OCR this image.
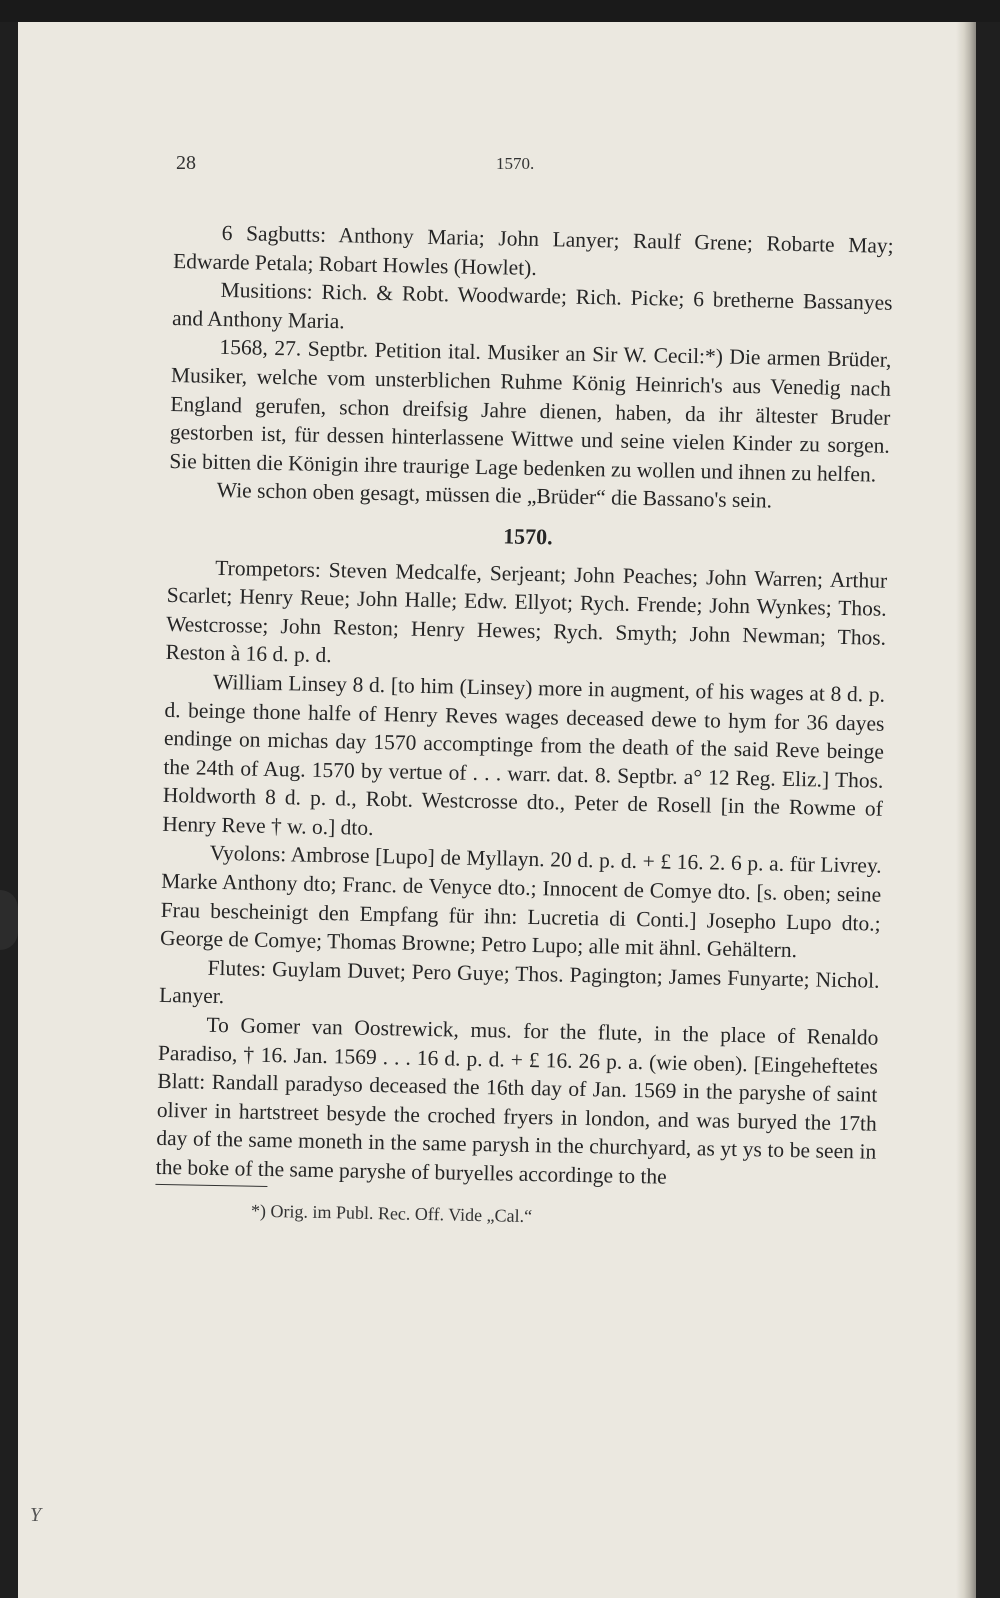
28	1570.

6 Sagbutts: Anthony Maria; John Lanyer; Raulf Grene; Robarte May; Edwarde Petala; Robart Howles (Howlet).

Musitions: Rich. & Robt. Woodwarde; Rich. Picke; 6 bretherne Bassanyes and Anthony Maria.

1568, 27. Septbr. Petition ital. Musiker an Sir W. Cecil:*) Die armen Brüder, Musiker, welche vom unsterblichen Ruhme König Heinrich's aus Venedig nach England gerufen, schon dreifsig Jahre dienen, haben, da ihr ältester Bruder gestorben ist, für dessen hinterlassene Wittwe und seine vielen Kinder zu sorgen. Sie bitten die Königin ihre traurige Lage bedenken zu wollen und ihnen zu helfen.

Wie schon oben gesagt, müssen die „Brüder“ die Bassano's sein.

1570.

Trompetors: Steven Medcalfe, Serjeant; John Peaches; John Warren; Arthur Scarlet; Henry Reue; John Halle; Edw. Ellyot; Rych. Frende; John Wynkes; Thos. Westcrosse; John Reston; Henry Hewes; Rych. Smyth; John Newman; Thos. Reston à 16 d. p. d.

William Linsey 8 d. [to him (Linsey) more in augment, of his wages at 8 d. p. d. beinge thone halfe of Henry Reves wages deceased dewe to hym for 36 dayes endinge on michas day 1570 accomptinge from the death of the said Reve beinge the 24th of Aug. 1570 by vertue of . . . warr. dat. 8. Septbr. a° 12 Reg. Eliz.] Thos. Holdworth 8 d. p. d., Robt. Westcrosse dto., Peter de Rosell [in the Rowme of Henry Reve † w. o.] dto.

Vyolons: Ambrose [Lupo] de Myllayn. 20 d. p. d. + £ 16. 2. 6 p. a. für Livrey. Marke Anthony dto; Franc. de Venyce dto.; Innocent de Comye dto. [s. oben; seine Frau bescheinigt den Empfang für ihn: Lucretia di Conti.] Josepho Lupo dto.; George de Comye; Thomas Browne; Petro Lupo; alle mit ähnl. Gehältern.

Flutes: Guylam Duvet; Pero Guye; Thos. Pagington; James Funyarte; Nichol. Lanyer.

To Gomer van Oostrewick, mus. for the flute, in the place of Renaldo Paradiso, † 16. Jan. 1569 . . . 16 d. p. d. + £ 16. 26 p. a. (wie oben). [Eingeheftetes Blatt: Randall paradyso deceased the 16th day of Jan. 1569 in the paryshe of saint oliver in hartstreet besyde the croched fryers in london, and was buryed the 17th day of the same moneth in the same parysh in the churchyard, as yt ys to be seen in the boke of the same paryshe of buryelles accordinge to the

*) Orig. im Publ. Rec. Off. Vide „Cal.“

Y
